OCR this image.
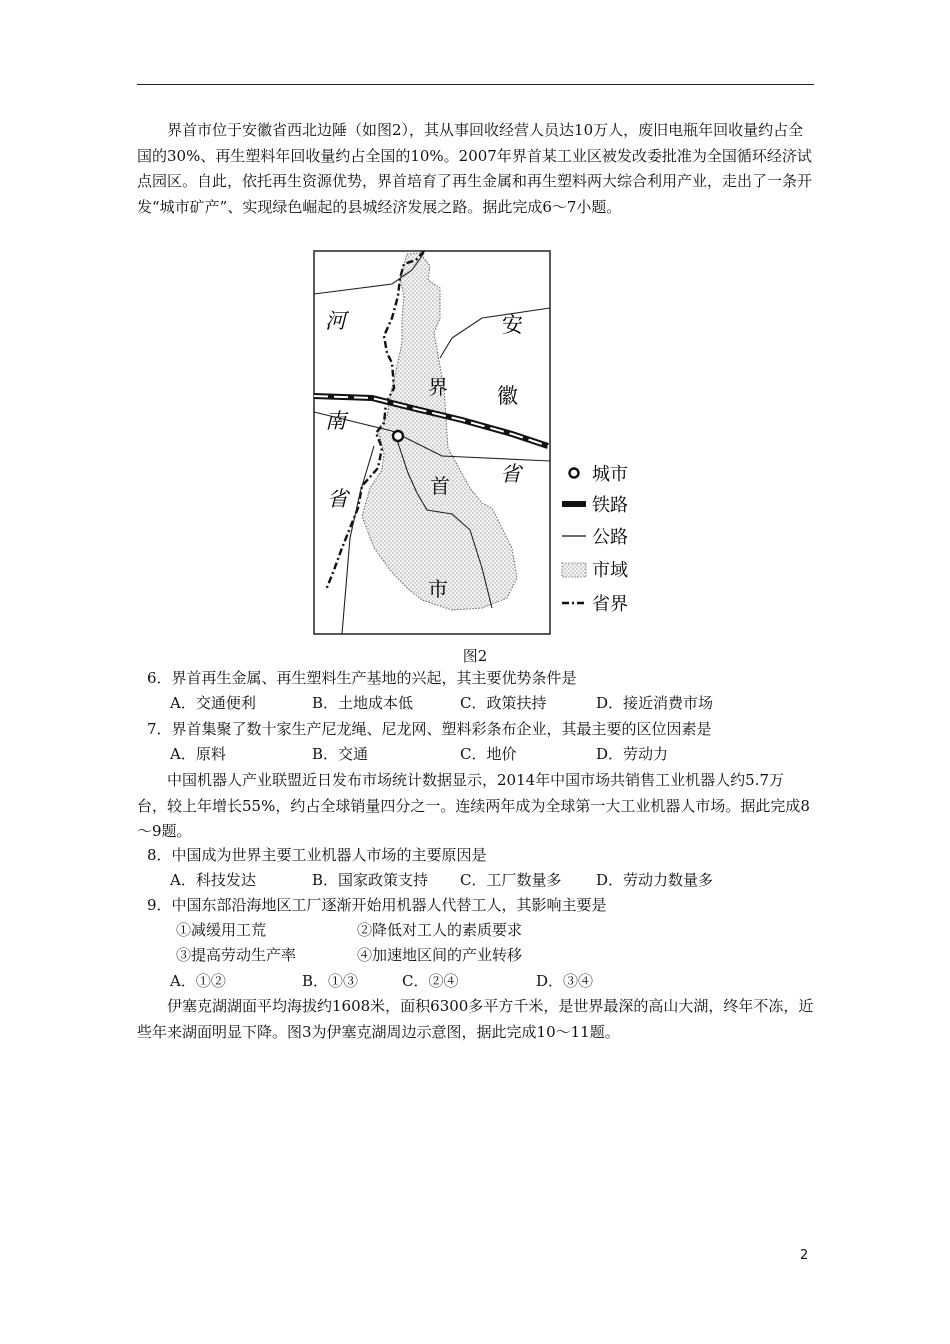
界首市位于安徽省西北边陲（如图2），其从事回收经营人员达10万人，废旧电瓶年回收量约占全国的30%、再生塑料年回收量约占全国的10%。2007年界首某工业区被发改委批准为全国循环经济试点园区。自此，依托再生资源优势，界首培育了再生金属和再生塑料两大综合利用产业，走出了一条开发“城市矿产”、实现绿色崛起的县城经济发展之路。据此完成6～7小题。

河
南
省
安
徽
省
界
首
市
城市
铁路
公路
市域
省界
图2
6．界首再生金属、再生塑料生产基地的兴起，其主要优势条件是
A．交通便利	B．土地成本低	C．政策扶持	D．接近消费市场
7．界首集聚了数十家生产尼龙绳、尼龙网、塑料彩条布企业，其最主要的区位因素是
A．原料	B．交通	C．地价	D．劳动力

中国机器人产业联盟近日发布市场统计数据显示，2014年中国市场共销售工业机器人约5.7万台，较上年增长55%，约占全球销量四分之一。连续两年成为全球第一大工业机器人市场。据此完成8～9题。

8．中国成为世界主要工业机器人市场的主要原因是
A．科技发达	B．国家政策支持 C．工厂数量多 D．劳动力数量多
9．中国东部沿海地区工厂逐渐开始用机器人代替工人，其影响主要是
①减缓用工荒	②降低对工人的素质要求
③提高劳动生产率	④加速地区间的产业转移
A．①②	B．①③	C．②④	D．③④

伊塞克湖湖面平均海拔约1608米，面积6300多平方千米，是世界最深的高山大湖，终年不冻，近些年来湖面明显下降。图3为伊塞克湖周边示意图，据此完成10～11题。

2
